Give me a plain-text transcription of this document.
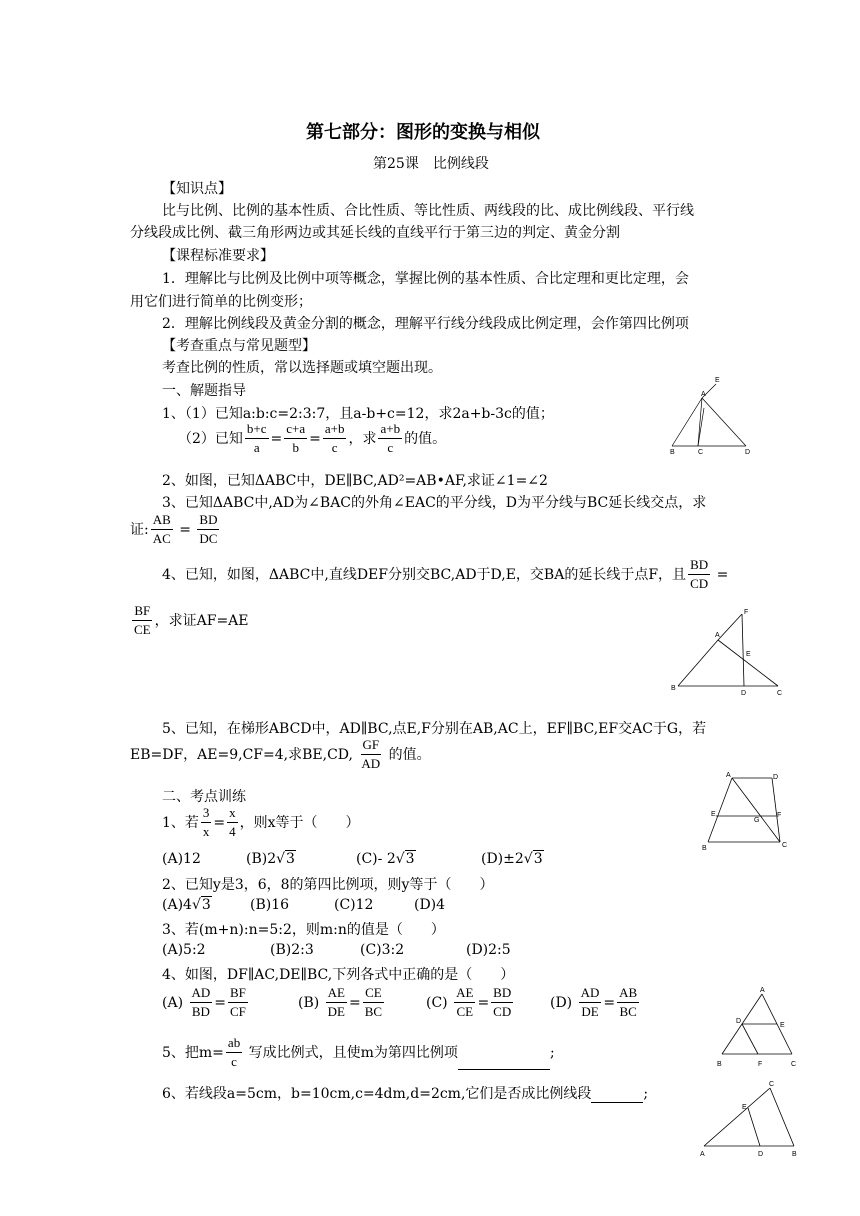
第七部分：图形的变换与相似
第25课　比例线段
【知识点】
比与比例、比例的基本性质、合比性质、等比性质、两线段的比、成比例线段、平行线
分线段成比例、截三角形两边或其延长线的直线平行于第三边的判定、黄金分割
【课程标准要求】
1．理解比与比例及比例中项等概念，掌握比例的基本性质、合比定理和更比定理，会
用它们进行简单的比例变形；
2．理解比例线段及黄金分割的概念，理解平行线分线段成比例定理，会作第四比例项
【考查重点与常见题型】
考查比例的性质，常以选择题或填空题出现。
一、解题指导
1、（1）已知a:b:c=2:3:7，且a-b+c=12，求2a+b-3c的值；
（2）已知 $\frac{b+c}{a} = \frac{c+a}{b} = \frac{a+b}{c}$ ，求 $\frac{a+b}{c}$ 的值。
2、如图，已知ΔABC中，DE∥BC,AD²=AB•AF,求证∠1=∠2
3、已知ΔABC中,AD为∠BAC的外角∠EAC的平分线，D为平分线与BC延长线交点，求
证: $\frac{AB}{AC} = \frac{BD}{DC}$
4、已知，如图，ΔABC中,直线DEF分别交BC,AD于D,E，交BA的延长线于点F，且 $\frac{BD}{CD}$ =
$\frac{BF}{CE}$ ，求证AF=AE
5、已知，在梯形ABCD中，AD∥BC,点E,F分别在AB,AC上，EF∥BC,EF交AC于G，若
EB=DF，AE=9,CF=4,求BE,CD, $\frac{GF}{AD}$ 的值。
二、考点训练
1、若 $\frac{3}{x} = \frac{x}{4}$ ，则x等于（　　）
(A)12	(B)2√3	(C)- 2√3	(D)±2√3
2、已知y是3，6，8的第四比例项，则y等于（　　）
(A)4√3	(B)16	(C)12	(D)4
3、若(m+n):n=5:2，则m:n的值是（　　）
(A)5:2	(B)2:3	(C)3:2	(D)2:5
4、如图，DF∥AC,DE∥BC,下列各式中正确的是（　　）
$(A) \frac{AD}{BD} = \frac{BF}{CF}$	$(B) \frac{AE}{DE} = \frac{CE}{BC}$	$(C) \frac{AE}{CE} = \frac{BD}{CD}$	$(D) \frac{AD}{DE} = \frac{AB}{BC}$
5、把$m= \frac{ab}{c}$ 写成比例式，且使m为第四比例项	;
6、若线段a=5cm，b=10cm,c=4dm,d=2cm,它们是否成比例线段	;
E
A
B	C	D
F
A
E
B
D	C
A	D
E	F
G
B	C
A
D
E
B	F	C
C
E
A	D	B
